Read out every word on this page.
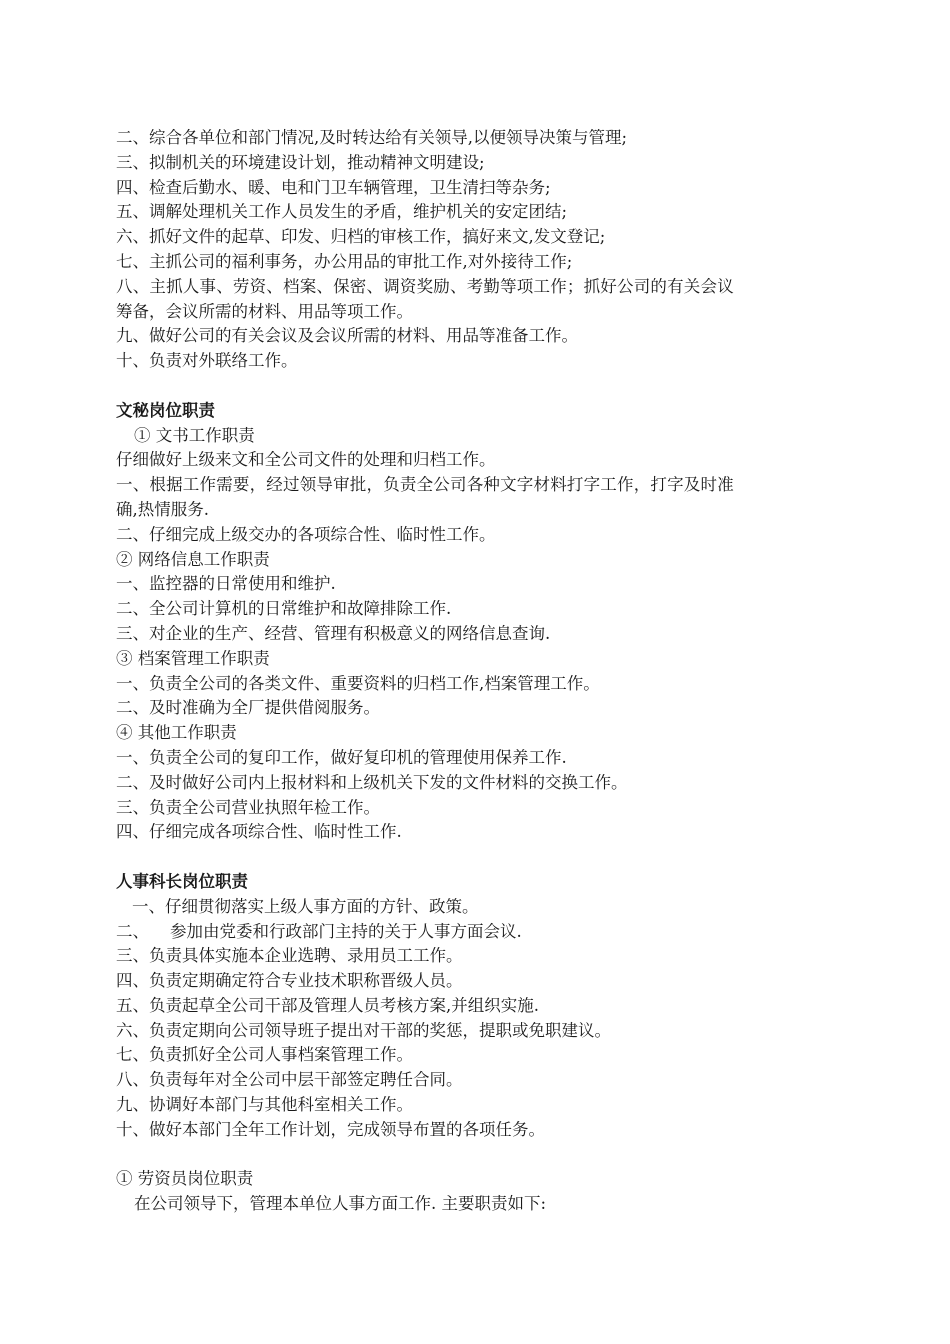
二、综合各单位和部门情况,及时转达给有关领导,以便领导决策与管理;
三、拟制机关的环境建设计划，推动精神文明建设;
四、检查后勤水、暖、电和门卫车辆管理，卫生清扫等杂务;
五、调解处理机关工作人员发生的矛盾，维护机关的安定团结;
六、抓好文件的起草、印发、归档的审核工作，搞好来文,发文登记;
七、主抓公司的福利事务，办公用品的审批工作,对外接待工作;
八、主抓人事、劳资、档案、保密、调资奖励、考勤等项工作；抓好公司的有关会议
筹备，会议所需的材料、用品等项工作。
九、做好公司的有关会议及会议所需的材料、用品等准备工作。
十、负责对外联络工作。
文秘岗位职责
① 文书工作职责
仔细做好上级来文和全公司文件的处理和归档工作。
一、根据工作需要，经过领导审批，负责全公司各种文字材料打字工作，打字及时准
确,热情服务.
二、仔细完成上级交办的各项综合性、临时性工作。
② 网络信息工作职责
一、监控器的日常使用和维护.
二、全公司计算机的日常维护和故障排除工作.
三、对企业的生产、经营、管理有积极意义的网络信息查询.
③ 档案管理工作职责
一、负责全公司的各类文件、重要资料的归档工作,档案管理工作。
二、及时准确为全厂提供借阅服务。
④ 其他工作职责
一、负责全公司的复印工作，做好复印机的管理使用保养工作.
二、及时做好公司内上报材料和上级机关下发的文件材料的交换工作。
三、负责全公司营业执照年检工作。
四、仔细完成各项综合性、临时性工作.
人事科长岗位职责
一、仔细贯彻落实上级人事方面的方针、政策。
二、    参加由党委和行政部门主持的关于人事方面会议.
三、负责具体实施本企业选聘、录用员工工作。
四、负责定期确定符合专业技术职称晋级人员。
五、负责起草全公司干部及管理人员考核方案,并组织实施.
六、负责定期向公司领导班子提出对干部的奖惩，提职或免职建议。
七、负责抓好全公司人事档案管理工作。
八、负责每年对全公司中层干部签定聘任合同。
九、协调好本部门与其他科室相关工作。
十、做好本部门全年工作计划，完成领导布置的各项任务。
① 劳资员岗位职责
在公司领导下，管理本单位人事方面工作. 主要职责如下:
